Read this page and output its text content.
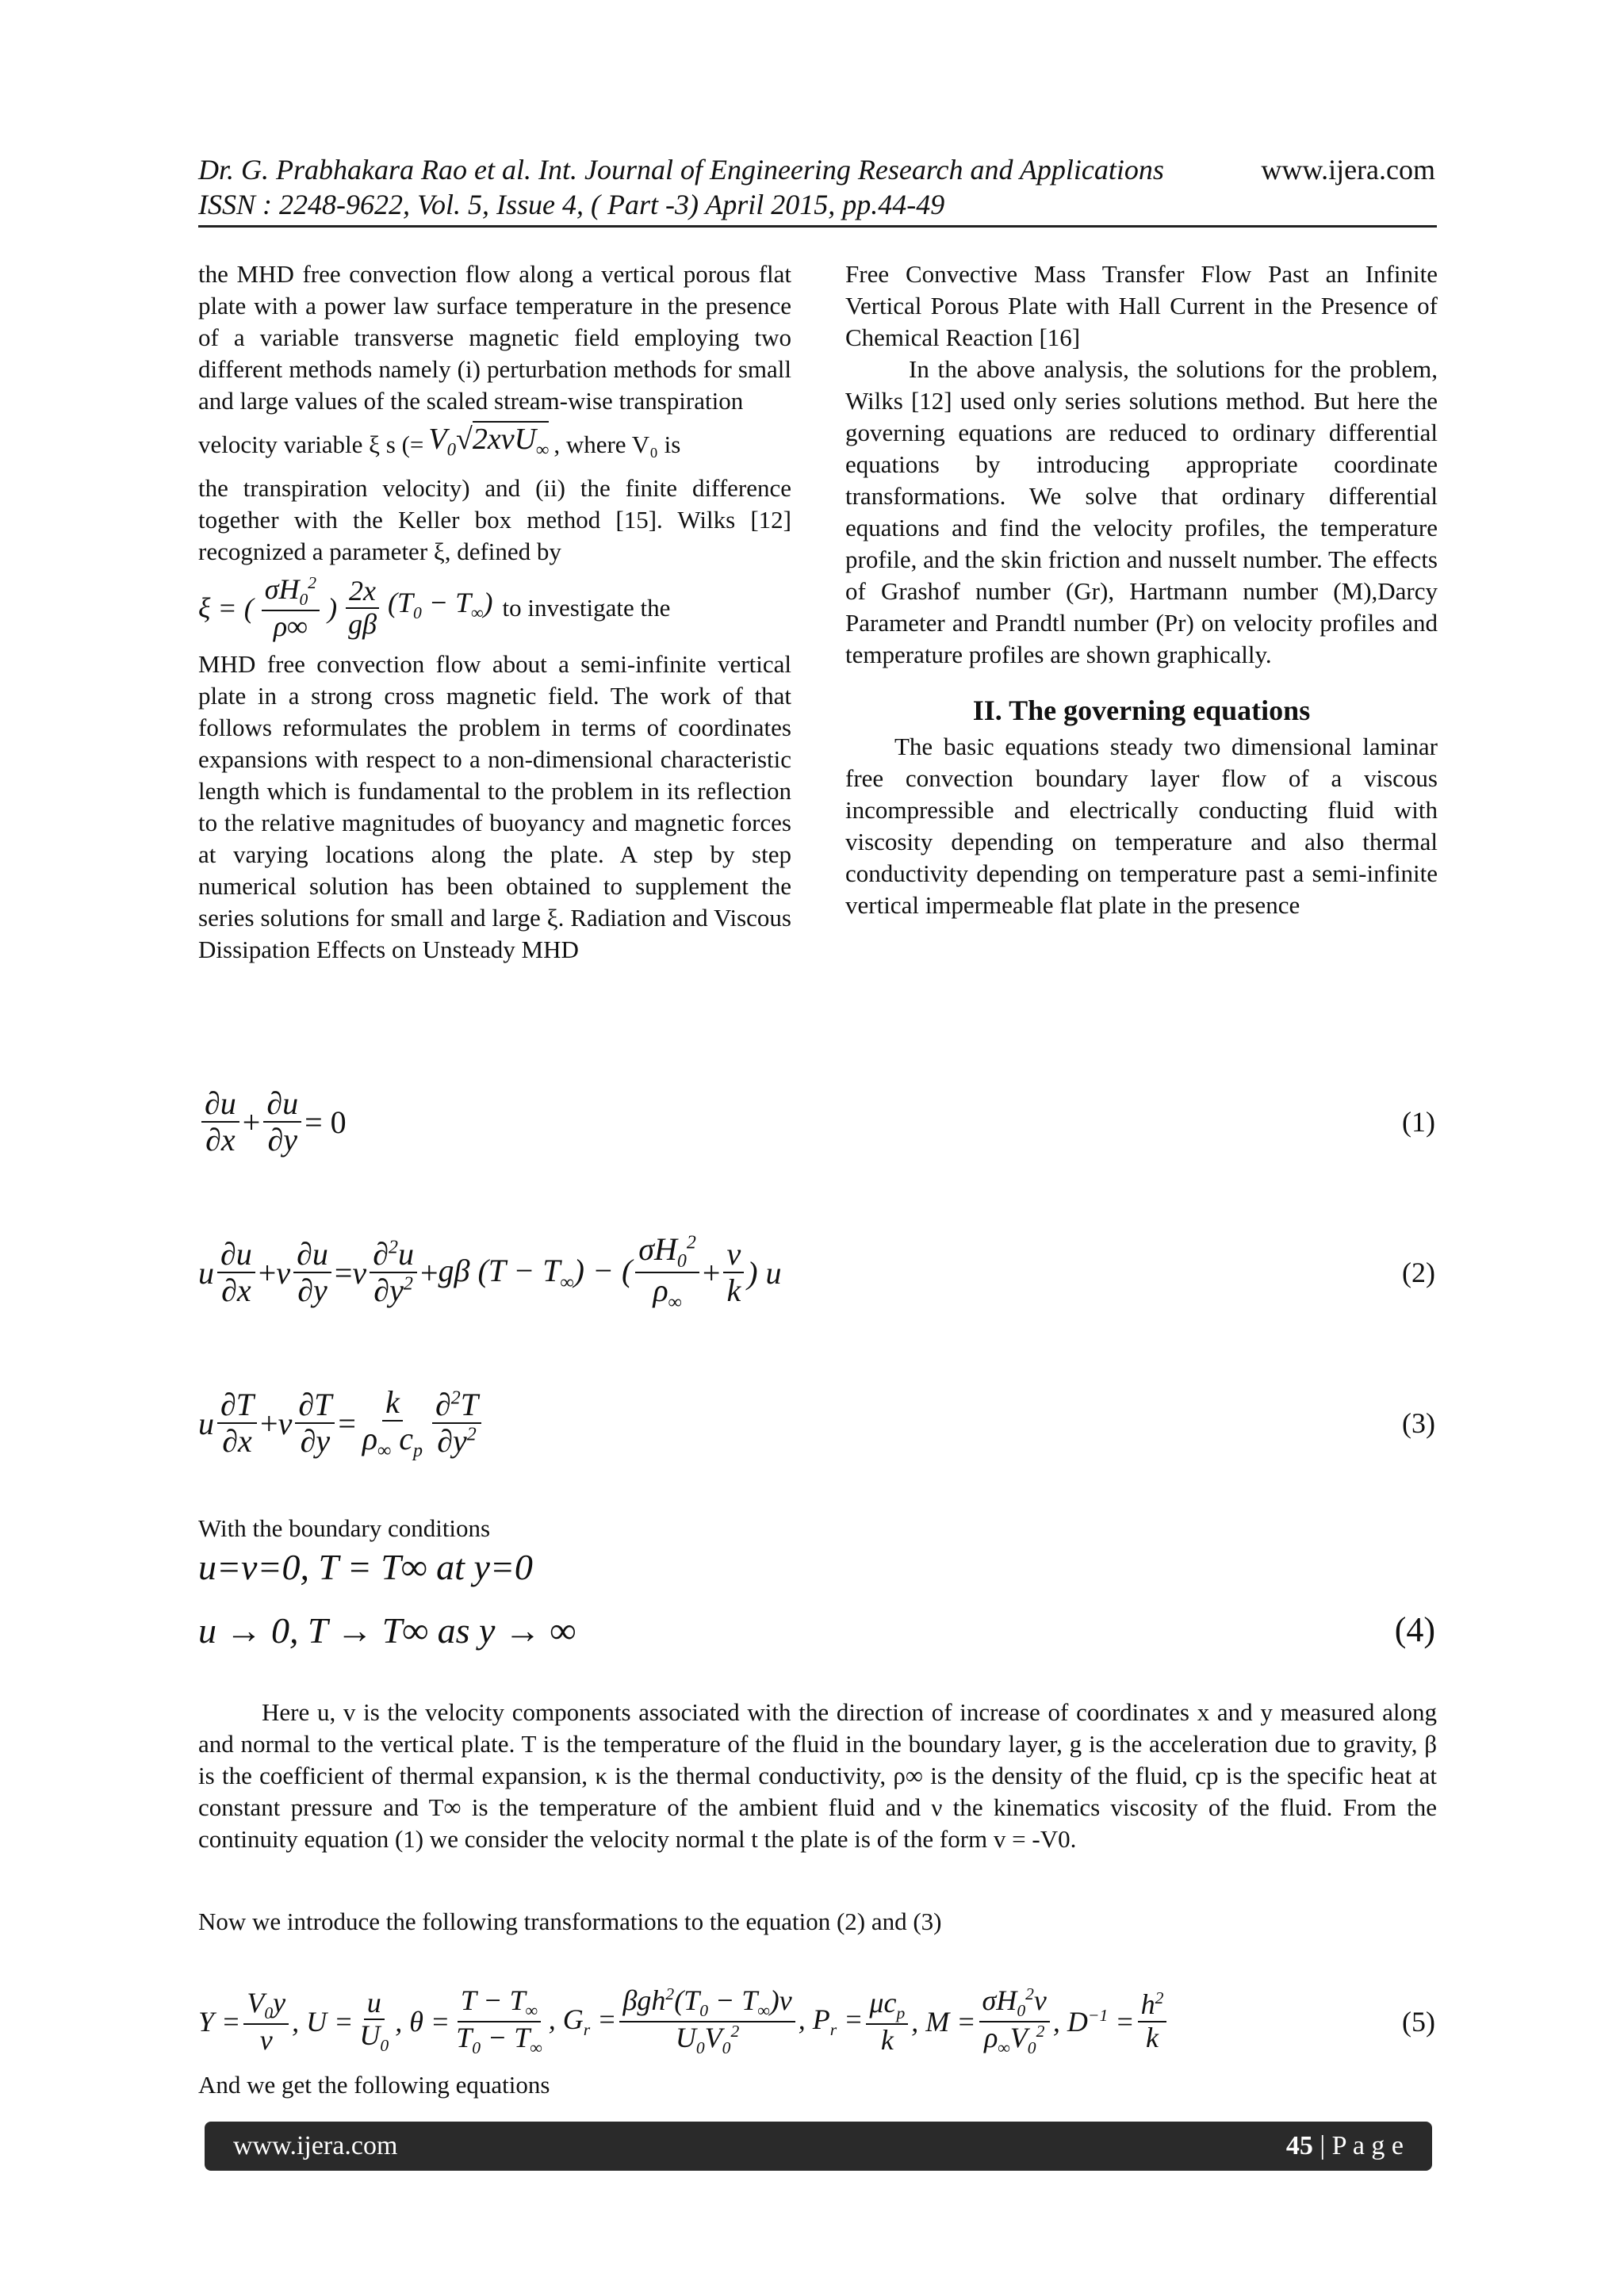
Dr. G. Prabhakara Rao et al. Int. Journal of Engineering Research and Applications	www.ijera.com
ISSN : 2248-9622, Vol. 5, Issue 4, ( Part -3) April 2015, pp.44-49

the MHD free convection flow along a vertical porous flat plate with a power law surface temperature in the presence of a variable transverse magnetic field employing two different methods namely (i) perturbation methods for small and large values of the scaled stream-wise transpiration

velocity variable ξ s (= $V_0√2x\nu U_\infty$ , where V₀ is

the transpiration velocity) and (ii) the finite difference together with the Keller box method [15]. Wilks [12] recognized a parameter ξ, defined by

ξ = ( $\frac{\sigma H_0^2}{\rho\infty}$ ) $\frac{2x}{g\beta} (T_0 - T_\infty)$ to investigate the

MHD free convection flow about a semi-infinite vertical plate in a strong cross magnetic field. The work of that follows reformulates the problem in terms of coordinates expansions with respect to a non-dimensional characteristic length which is fundamental to the problem in its reflection to the relative magnitudes of buoyancy and magnetic forces at varying locations along the plate. A step by step numerical solution has been obtained to supplement the series solutions for small and large ξ. Radiation and Viscous Dissipation Effects on Unsteady MHD

Free Convective Mass Transfer Flow Past an Infinite Vertical Porous Plate with Hall Current in the Presence of Chemical Reaction [16]

In the above analysis, the solutions for the problem, Wilks [12] used only series solutions method. But here the governing equations are reduced to ordinary differential equations by introducing appropriate coordinate transformations. We solve that ordinary differential equations and find the velocity profiles, the temperature profile, and the skin friction and nusselt number. The effects of Grashof number (Gr), Hartmann number (M),Darcy Parameter and Prandtl number (Pr) on velocity profiles and temperature profiles are shown graphically.

II. The governing equations

The basic equations steady two dimensional laminar free convection boundary layer flow of a viscous incompressible and electrically conducting fluid with viscosity depending on temperature and also thermal conductivity depending on temperature past a semi-infinite vertical impermeable flat plate in the presence

$\frac{\partial u}{\partial x} + \frac{\partial u}{\partial y} = 0$	(1)
u $\frac{\partial u}{\partial x} + v \frac{\partial u}{\partial y} = v \frac{\partial^2u}{\partial y^2} + g\beta$ $(T - T_\infty)$ − ( $\frac{\sigma H_0^2}{\rho_\infty} + \frac{\nu}{k}$ ) u	(2)
u $\frac{\partial T}{\partial x} + v \frac{\partial T}{\partial y} = \frac{k}{\rho_\infty c_p} \frac{\partial^2T}{\partial y^2}$	(3)

With the boundary conditions

u=v=0, T = T∞ at y=0
u → 0, T → T∞ as y → ∞	(4)

Here u, v is the velocity components associated with the direction of increase of coordinates x and y measured along and normal to the vertical plate. T is the temperature of the fluid in the boundary layer, g is the acceleration due to gravity, β is the coefficient of thermal expansion, κ is the thermal conductivity, ρ∞ is the density of the fluid, cp is the specific heat at constant pressure and T∞ is the temperature of the ambient fluid and ν the kinematics viscosity of the fluid. From the continuity equation (1) we consider the velocity normal t the plate is of the form v = -V0.

Now we introduce the following transformations to the equation (2) and (3)

$Y = \frac{V_0y}{\nu}$ , $U = \frac{u}{U_0}$ , $\theta = \frac{T - T_\infty}{T_0 - T_\infty}$ , $G_r = \frac{\beta gh^2(T_0 - T_\infty)\nu}{U_0V_0^2}$ , $P_r = \frac{\mu c_p}{k}$ , $M = \frac{\sigma H_0^2\nu}{\rho_\infty V_0^2}$ , $D^{-1} = \frac{h^2}{k}$	(5)

And we get the following equations

www.ijera.com	45 | P a g e
